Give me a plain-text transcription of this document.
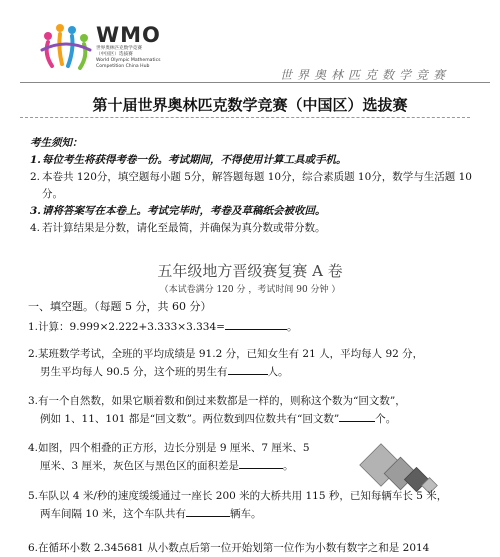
WMO
世界奥林匹克数学竞赛
（中国区）选拔赛
World Olympic Mathematics
Competition China Hub
世界奥林匹克数学竞赛
第十届世界奥林匹克数学竞赛（中国区）选拔赛
考生须知：
1. 每位考生将获得考卷一份。考试期间，不得使用计算工具或手机。
2. 本卷共 120分，填空题每小题 5分，解答题每题 10分，综合素质题 10分，数学与生活题 10分。
3. 请将答案写在本卷上。考试完毕时，考卷及草稿纸会被收回。
4. 若计算结果是分数，请化至最简，并确保为真分数或带分数。
五年级地方晋级赛复赛 A 卷
（本试卷满分 120 分 ，考试时间 90 分钟 ）
一、填空题。（每题 5 分，共 60 分）
1.计算：9.999×2.222+3.333×3.334=	。
2.某班数学考试，全班的平均成绩是 91.2 分，已知女生有 21 人，平均每人 92 分，
男生平均每人 90.5 分，这个班的男生有	人。
3.有一个自然数，如果它顺着数和倒过来数都是一样的，则称这个数为“回文数”，
例如 1、11、101 都是“回文数”。两位数到四位数共有“回文数”	个。
4.如图，四个相叠的正方形，边长分别是 9 厘米、7 厘米、5
厘米、3 厘米，灰色区与黑色区的面积差是	。
5.车队以 4 米/秒的速度缓缓通过一座长 200 米的大桥共用 115 秒，已知每辆车长 5 米，
两车间隔 10 米，这个车队共有	辆车。
6.在循环小数 2.345681 从小数点后第一位开始划第一位作为小数有数字之和是 2014
